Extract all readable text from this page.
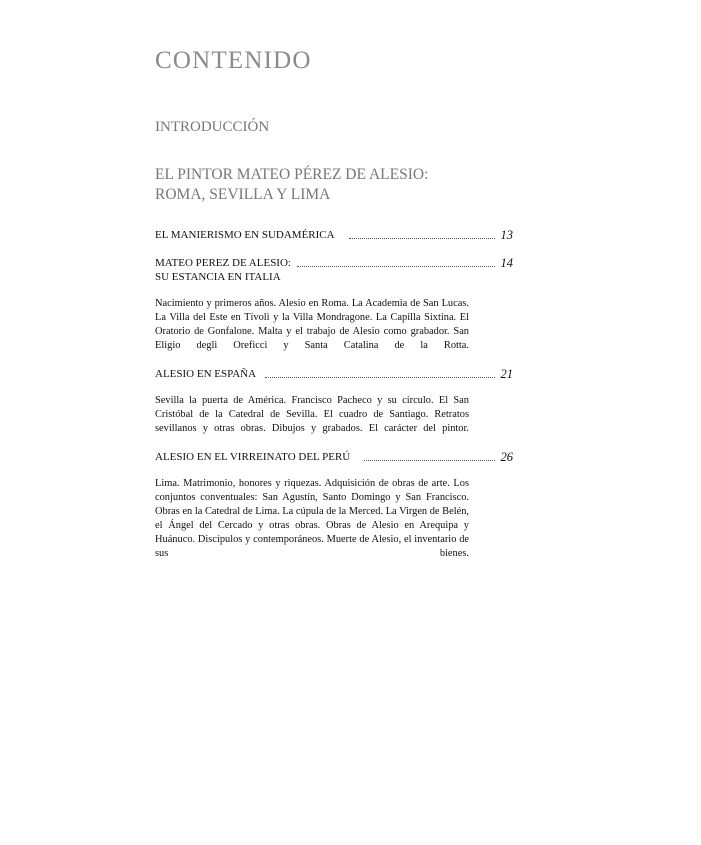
CONTENIDO
INTRODUCCIÓN
EL PINTOR MATEO PÉREZ DE ALESIO:
ROMA, SEVILLA Y LIMA
EL MANIERISMO EN SUDAMÉRICA	13
MATEO PEREZ DE ALESIO:	14
SU ESTANCIA EN ITALIA
Nacimiento y primeros años. Alesio en Roma. La Academia de San Lucas. La Villa del Este en Tívoli y la Villa Mondragone. La Capilla Sixtina. El Oratorio de Gonfalone. Malta y el trabajo de Alesio como grabador. San Eligio degli Orefìcci y Santa Catalina de la Rotta.
ALESIO EN ESPAÑA	21
Sevilla la puerta de América. Francisco Pacheco y su círculo. El San Cristóbal de la Catedral de Sevilla. El cuadro de Santiago. Retratos sevillanos y otras obras. Dibujos y grabados. El carácter del pintor.
ALESIO EN EL VIRREINATO DEL PERÚ	26
Lima. Matrimonio, honores y riquezas. Adquisición de obras de arte. Los conjuntos conventuales: San Agustín, Santo Domingo y San Francisco. Obras en la Catedral de Lima. La cúpula de la Merced. La Virgen de Belén, el Ángel del Cercado y otras obras. Obras de Alesio en Arequipa y Huánuco. Discípulos y contemporáneos. Muerte de Alesio, el inventario de sus bienes.
